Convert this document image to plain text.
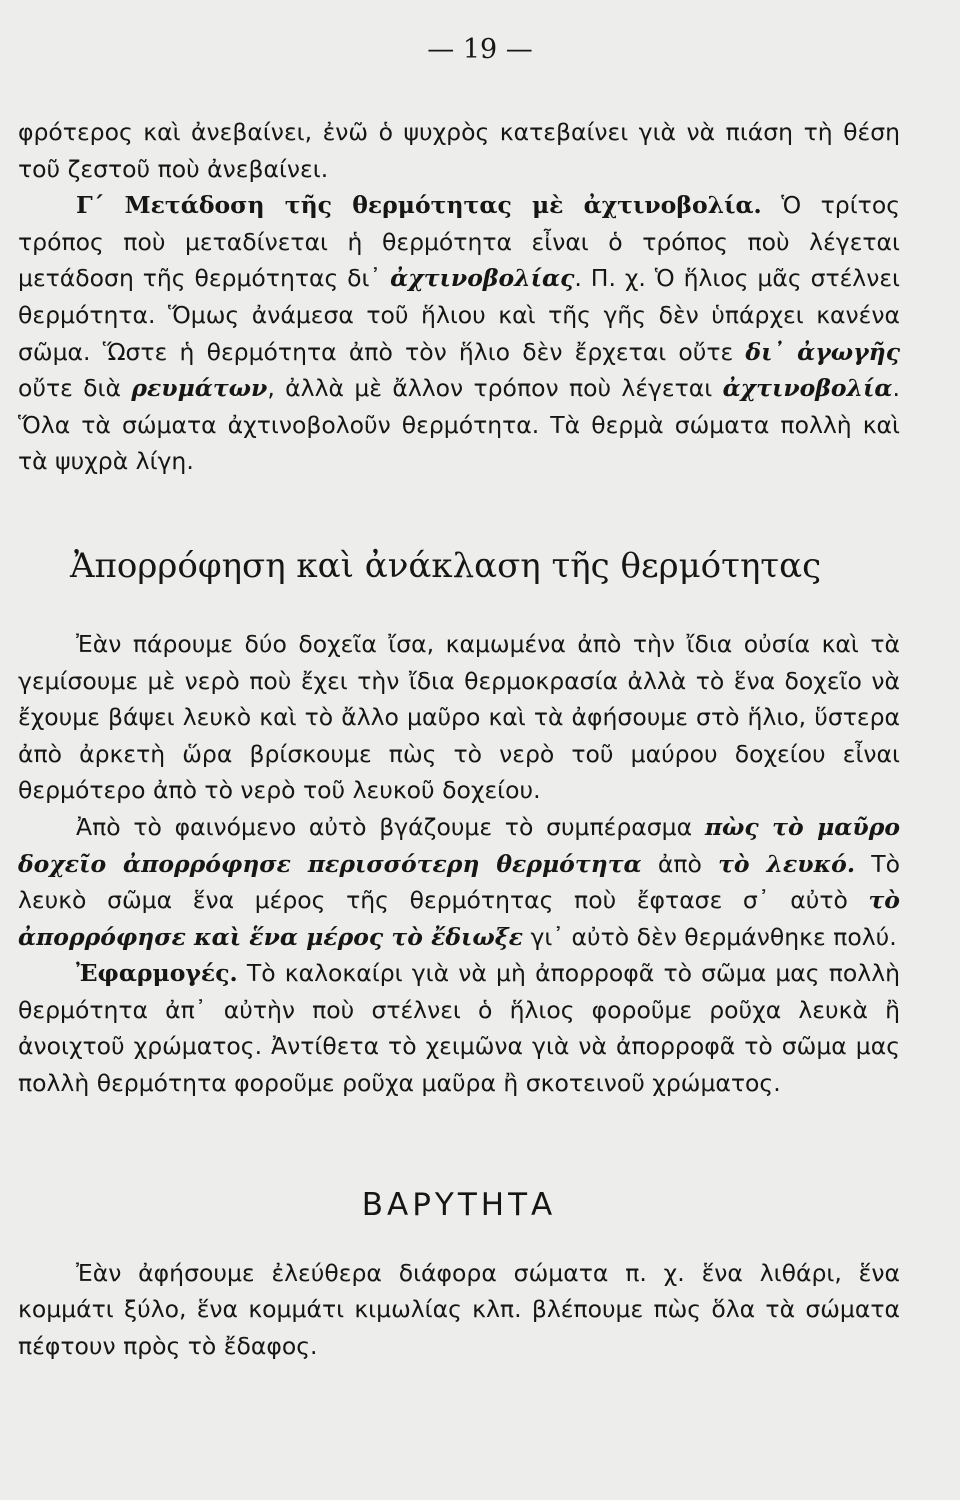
— 19 —

φρότερος καὶ ἀνεβαίνει, ἐνῶ ὁ ψυχρὸς κατεβαίνει γιὰ νὰ πιάση τὴ θέση τοῦ ζεστοῦ ποὺ ἀνεβαίνει.

Γ΄ Μετάδοση τῆς θερμότητας μὲ ἀχτινοβολία. Ὁ τρίτος τρόπος ποὺ μεταδίνεται ἡ θερμότητα εἶναι ὁ τρόπος ποὺ λέγεται μετάδοση τῆς θερμότητας δι᾽ ἀχτινοβολίας. Π. χ. Ὁ ἥλιος μᾶς στέλνει θερμότητα. Ὅμως ἀνάμεσα τοῦ ἥλιου καὶ τῆς γῆς δὲν ὑπάρχει κανένα σῶμα. Ὥστε ἡ θερμότητα ἀπὸ τὸν ἥλιο δὲν ἔρχεται οὔτε δι᾽ ἀγωγῆς οὔτε διὰ ρευμάτων, ἀλλὰ μὲ ἄλλον τρόπον ποὺ λέγεται ἀχτινοβολία. Ὅλα τὰ σώματα ἀχτινοβολοῦν θερμότητα. Τὰ θερμὰ σώματα πολλὴ καὶ τὰ ψυχρὰ λίγη.

Ἀπορρόφηση καὶ ἀνάκλαση τῆς θερμότητας

Ἐὰν πάρουμε δύο δοχεῖα ἴσα, καμωμένα ἀπὸ τὴν ἴδια οὐσία καὶ τὰ γεμίσουμε μὲ νερὸ ποὺ ἔχει τὴν ἴδια θερμοκρασία ἀλλὰ τὸ ἕνα δοχεῖο νὰ ἔχουμε βάψει λευκὸ καὶ τὸ ἄλλο μαῦρο καὶ τὰ ἀφήσουμε στὸ ἥλιο, ὕστερα ἀπὸ ἀρκετὴ ὥρα βρίσκουμε πὼς τὸ νερὸ τοῦ μαύρου δοχείου εἶναι θερμότερο ἀπὸ τὸ νερὸ τοῦ λευκοῦ δοχείου.

Ἀπὸ τὸ φαινόμενο αὐτὸ βγάζουμε τὸ συμπέρασμα πὼς τὸ μαῦρο δοχεῖο ἀπορρόφησε περισσότερη θερμότητα ἀπὸ τὸ λευκό. Τὸ λευκὸ σῶμα ἕνα μέρος τῆς θερμότητας ποὺ ἔφτασε σ᾽ αὐτὸ τὸ ἀπορρόφησε καὶ ἕνα μέρος τὸ ἔδιωξε γι᾽ αὐτὸ δὲν θερμάνθηκε πολύ.

Ἐφαρμογές. Τὸ καλοκαίρι γιὰ νὰ μὴ ἀπορροφᾶ τὸ σῶμα μας πολλὴ θερμότητα ἀπ᾽ αὐτὴν ποὺ στέλνει ὁ ἥλιος φοροῦμε ροῦχα λευκὰ ἢ ἀνοιχτοῦ χρώματος. Ἀντίθετα τὸ χειμῶνα γιὰ νὰ ἀπορροφᾶ τὸ σῶμα μας πολλὴ θερμότητα φοροῦμε ροῦχα μαῦρα ἢ σκοτεινοῦ χρώματος.

ΒΑΡΥΤΗΤΑ

Ἐὰν ἀφήσουμε ἐλεύθερα διάφορα σώματα π. χ. ἕνα λιθάρι, ἕνα κομμάτι ξύλο, ἕνα κομμάτι κιμωλίας κλπ. βλέπουμε πὼς ὅλα τὰ σώματα πέφτουν πρὸς τὸ ἔδαφος.
